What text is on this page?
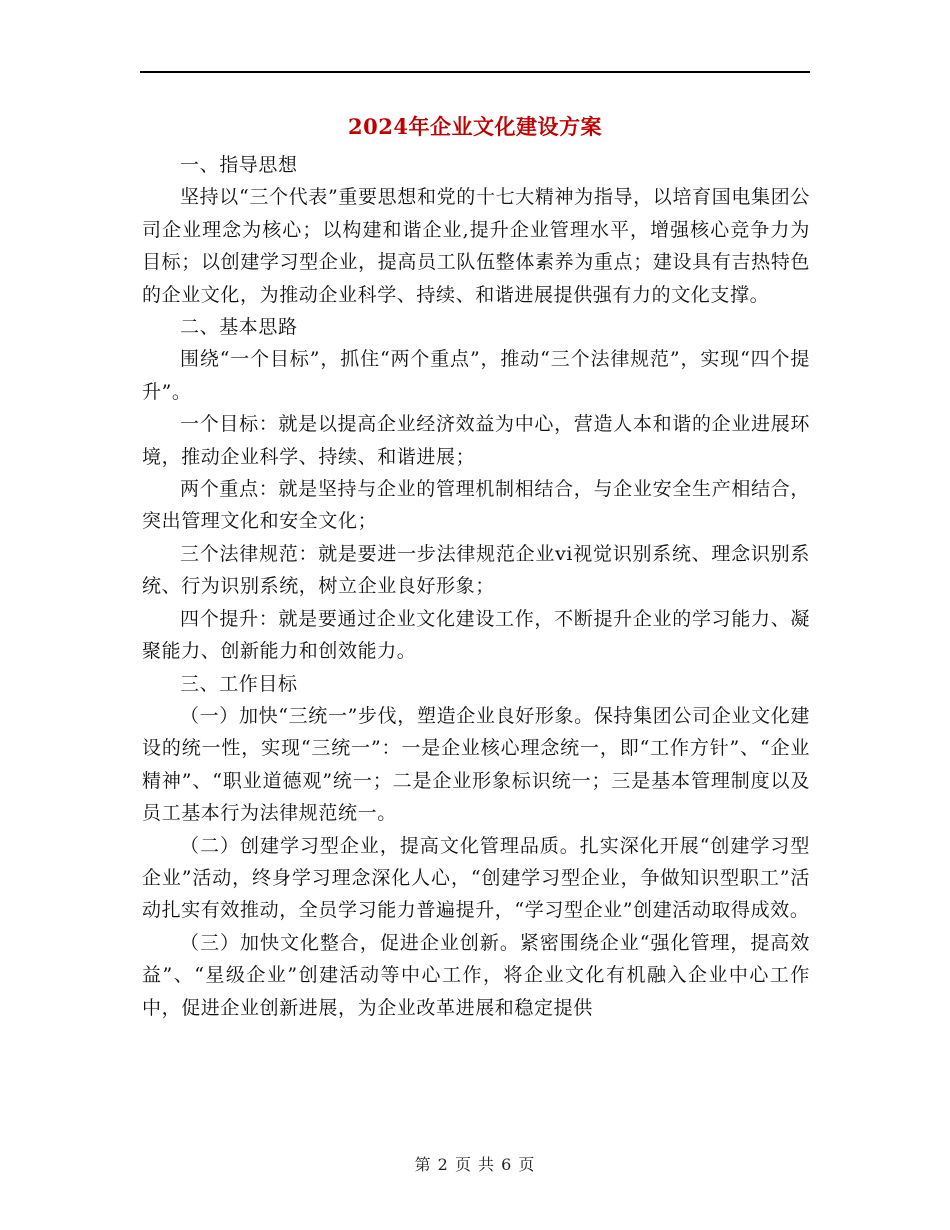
2024年企业文化建设方案

一、指导思想

坚持以“三个代表”重要思想和党的十七大精神为指导，以培育国电集团公司企业理念为核心；以构建和谐企业,提升企业管理水平，增强核心竞争力为目标；以创建学习型企业，提高员工队伍整体素养为重点；建设具有吉热特色的企业文化，为推动企业科学、持续、和谐进展提供强有力的文化支撑。

二、基本思路

围绕“一个目标”，抓住“两个重点”，推动“三个法律规范”，实现“四个提升”。

一个目标：就是以提高企业经济效益为中心，营造人本和谐的企业进展环境，推动企业科学、持续、和谐进展；

两个重点：就是坚持与企业的管理机制相结合，与企业安全生产相结合，突出管理文化和安全文化；

三个法律规范：就是要进一步法律规范企业vi视觉识别系统、理念识别系统、行为识别系统，树立企业良好形象；

四个提升：就是要通过企业文化建设工作，不断提升企业的学习能力、凝聚能力、创新能力和创效能力。

三、工作目标

（一）加快“三统一”步伐，塑造企业良好形象。保持集团公司企业文化建设的统一性，实现“三统一”：一是企业核心理念统一，即“工作方针”、“企业精神”、“职业道德观”统一；二是企业形象标识统一；三是基本管理制度以及员工基本行为法律规范统一。

（二）创建学习型企业，提高文化管理品质。扎实深化开展“创建学习型企业”活动，终身学习理念深化人心，“创建学习型企业，争做知识型职工”活动扎实有效推动，全员学习能力普遍提升，“学习型企业”创建活动取得成效。

（三）加快文化整合，促进企业创新。紧密围绕企业“强化管理，提高效益”、“星级企业”创建活动等中心工作，将企业文化有机融入企业中心工作中，促进企业创新进展，为企业改革进展和稳定提供

第 2 页 共 6 页
